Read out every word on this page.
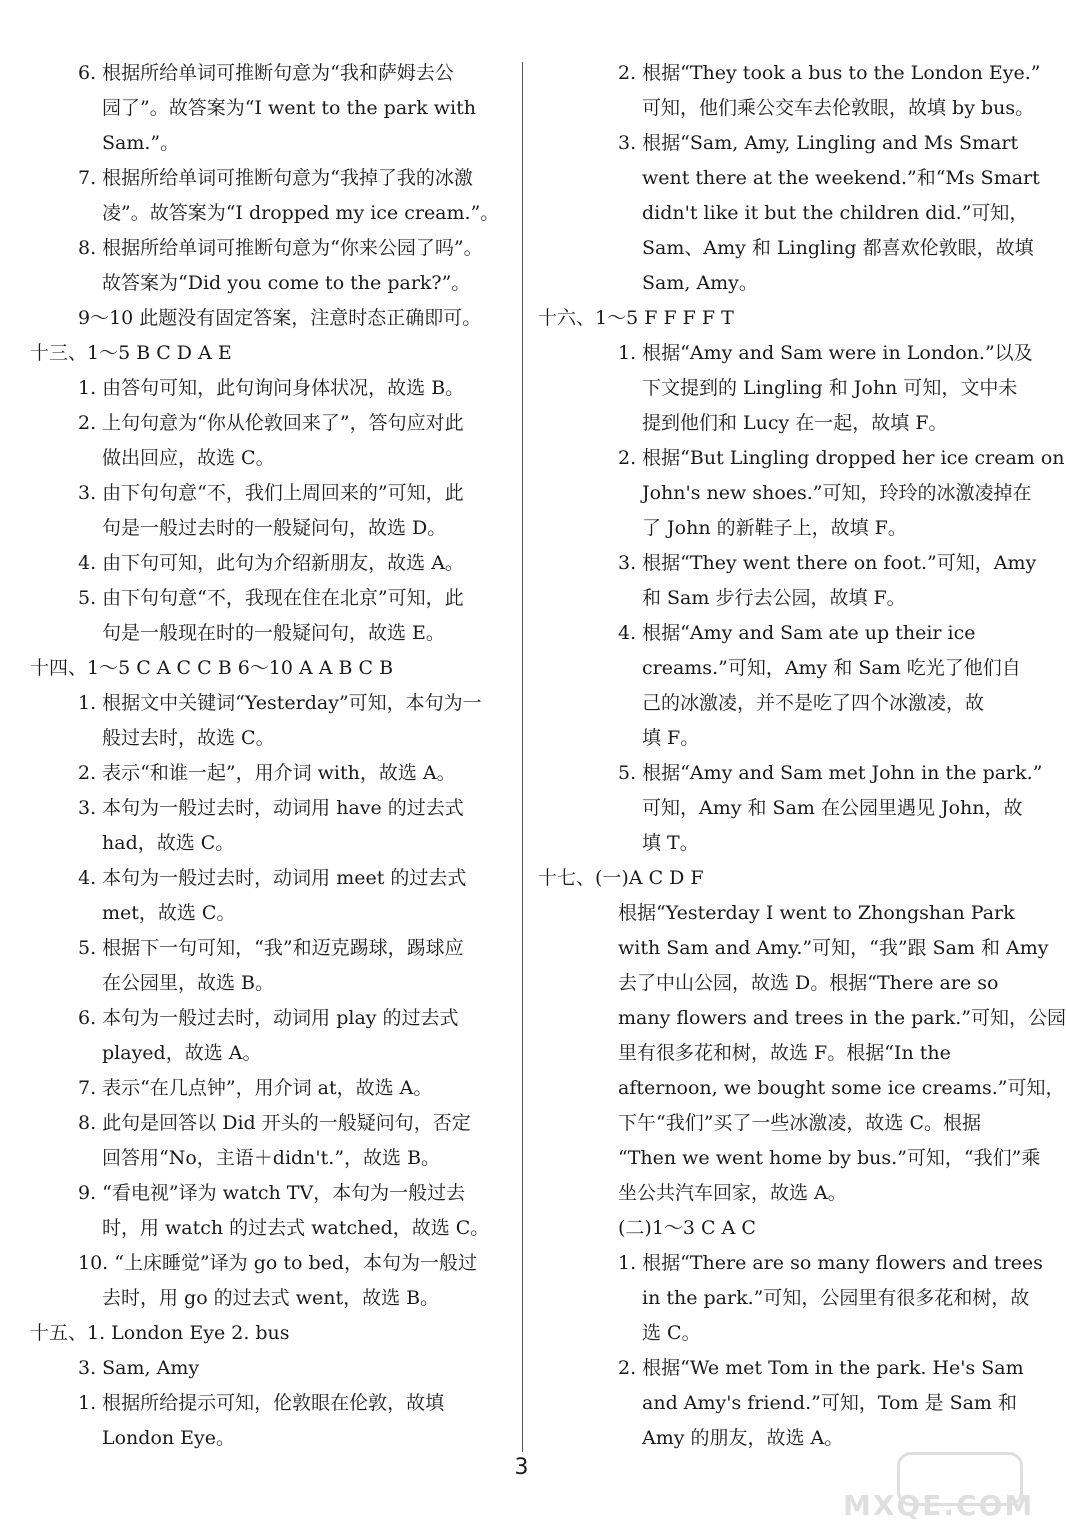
6. 根据所给单词可推断句意为“我和萨姆去公
园了”。故答案为“I went to the park with
Sam.”。
7. 根据所给单词可推断句意为“我掉了我的冰激
凌”。故答案为“I dropped my ice cream.”。
8. 根据所给单词可推断句意为“你来公园了吗”。
故答案为“Did you come to the park?”。
9～10 此题没有固定答案，注意时态正确即可。
十三、1～5 B C D A E
1. 由答句可知，此句询问身体状况，故选 B。
2. 上句句意为“你从伦敦回来了”，答句应对此
做出回应，故选 C。
3. 由下句句意“不，我们上周回来的”可知，此
句是一般过去时的一般疑问句，故选 D。
4. 由下句可知，此句为介绍新朋友，故选 A。
5. 由下句句意“不，我现在住在北京”可知，此
句是一般现在时的一般疑问句，故选 E。
十四、1～5 C A C C B 6～10 A A B C B
1. 根据文中关键词“Yesterday”可知，本句为一
般过去时，故选 C。
2. 表示“和谁一起”，用介词 with，故选 A。
3. 本句为一般过去时，动词用 have 的过去式
had，故选 C。
4. 本句为一般过去时，动词用 meet 的过去式
met，故选 C。
5. 根据下一句可知，“我”和迈克踢球，踢球应
在公园里，故选 B。
6. 本句为一般过去时，动词用 play 的过去式
played，故选 A。
7. 表示“在几点钟”，用介词 at，故选 A。
8. 此句是回答以 Did 开头的一般疑问句，否定
回答用“No，主语＋didn't.”，故选 B。
9. “看电视”译为 watch TV，本句为一般过去
时，用 watch 的过去式 watched，故选 C。
10. “上床睡觉”译为 go to bed，本句为一般过
去时，用 go 的过去式 went，故选 B。
十五、1. London Eye 2. bus
3. Sam, Amy
1. 根据所给提示可知，伦敦眼在伦敦，故填
London Eye。
2. 根据“They took a bus to the London Eye.”
可知，他们乘公交车去伦敦眼，故填 by bus。
3. 根据“Sam, Amy, Lingling and Ms Smart
went there at the weekend.”和“Ms Smart
didn't like it but the children did.”可知，
Sam、Amy 和 Lingling 都喜欢伦敦眼，故填
Sam, Amy。
十六、1～5 F F F F T
1. 根据“Amy and Sam were in London.”以及
下文提到的 Lingling 和 John 可知，文中未
提到他们和 Lucy 在一起，故填 F。
2. 根据“But Lingling dropped her ice cream on
John's new shoes.”可知，玲玲的冰激凌掉在
了 John 的新鞋子上，故填 F。
3. 根据“They went there on foot.”可知，Amy
和 Sam 步行去公园，故填 F。
4. 根据“Amy and Sam ate up their ice
creams.”可知，Amy 和 Sam 吃光了他们自
己的冰激凌，并不是吃了四个冰激凌，故
填 F。
5. 根据“Amy and Sam met John in the park.”
可知，Amy 和 Sam 在公园里遇见 John，故
填 T。
十七、(一)A C D F
根据“Yesterday I went to Zhongshan Park
with Sam and Amy.”可知，“我”跟 Sam 和 Amy
去了中山公园，故选 D。根据“There are so
many flowers and trees in the park.”可知，公园
里有很多花和树，故选 F。根据“In the
afternoon, we bought some ice creams.”可知，
下午“我们”买了一些冰激凌，故选 C。根据
“Then we went home by bus.”可知，“我们”乘
坐公共汽车回家，故选 A。
(二)1～3 C A C
1. 根据“There are so many flowers and trees
in the park.”可知，公园里有很多花和树，故
选 C。
2. 根据“We met Tom in the park. He's Sam
and Amy's friend.”可知，Tom 是 Sam 和
Amy 的朋友，故选 A。
3
MXQE.COM
